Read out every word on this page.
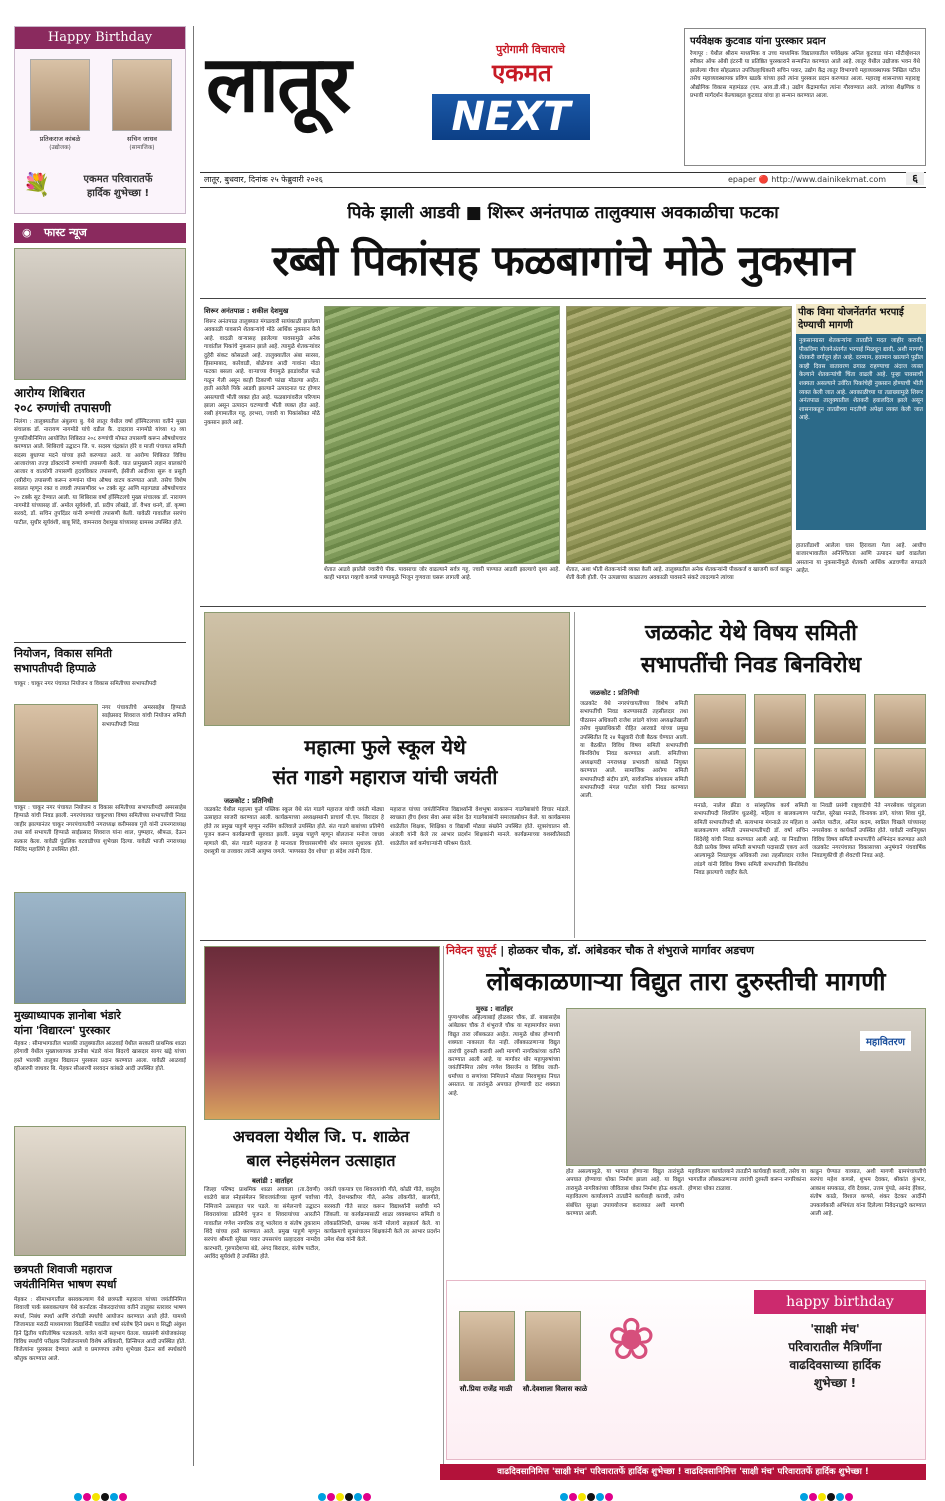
Happy Birthday
प्रतिकराज कांबळे
(उद्योजक)
सचिन जाधव
(सामाजिक)
💐	एकमत परिवारातर्फे
हार्दिक शुभेच्छा !
◉ फास्ट न्यूज
आरोग्य शिबिरात
२०८ रुग्णांची तपासणी
निलंगा : तालुक्यातील अंबुलगा बु. येथे लातूर येथील वर्षा हॉस्पिटलच्या वतीने मुख्य संचालक डॉ. नारायण नागमोडे यांचे वडील कै. दादाराव नागमोडे यांच्या १३ व्या पुण्यतिथीनिमित्त आयोजित शिबिरात २०८ रुग्णांची मोफत तपासणी करून औषधोपचार करण्यात आले. शिबिराचे उद्घाटन जि. प. सदस्य चंद्रकांत होरे व माजी पंचायत समिती सदस्य बुधाप्पा मदने यांच्या हस्ते करण्यात आले. या आरोग्य शिबिरात विविध आजारांच्या तज्ज्ञ डॉक्टरांनी रुग्णांची तपासणी केली. यात प्रामुख्याने लहान बालकांचे आजार व वातरोगी तपासणी हृदयविकार तपासणी, ईसीजी आदींच्या सुरू व प्रसूती (स्त्रीरोग) तपासणी करून रुग्णांना योग्य औषध वाटप करण्यात आले. तसेच विशेष सवलत म्हणून रक्त व लघवी तपासणीवर ५० टक्के सूट आणि महागड्या औषधोपचार २० टक्के सूट देण्यात आली. या शिबिरास वर्षा हॉस्पिटलचे मुख्य संचालक डॉ. नारायण नागमोडे यांच्यासह डॉ. अमोल सूर्यवंशी, डॉ. प्रदीप लोखंडे, डॉ. वैभव धनगे, डॉ. कृष्णा सरवदे, डॉ. सचिन तुपदिंडर यांनी रुग्णांची तपासणी केली. यावेळी गावातील सरपंच पाटील, सुधीर सूर्यवंशी, बाबू शिंदे, वामनराव देशमुख यांच्यासह ग्रामस्थ उपस्थित होते.
नियोजन, विकास समिती
सभापतीपदी हिप्पाळे
चाकूर : चाकूर नगर पंचायत नियोजन व विकास समितीच्या सभापतीपदी
नगर पंचायतीचे अमरसाहेब हिप्पाळे साईप्रसाद शिवराज यांची नियोजन समिती सभापतीपदी निवड
चाकूर : चाकूर नगर पंचायत नियोजन व विकास समितीच्या सभापतीपदी अमरसाहेब हिप्पाळे यांची निवड झाली. नगरपंचायत चाकूरच्या विषय समितीच्या सभापतींची निवड जाहीर झाल्यानंतर चाकूर नगरपंचायतीचे नगराध्यक्ष करीमसाब गुत्ते यांनी उपनगराध्यक्ष तथा सर्व सभापती हिप्पाळे साईप्रसाद शिवराज यांना शाल, पुष्पहार, श्रीफळ, देऊन सत्कार केला. यावेळी पुंडलिक वटवाडीच्या शुभेच्छा दिल्या. यावेळी भाजी नगराध्यक्ष मिलिंद महालिंगे हे उपस्थित होते.
मुख्याध्यापक ज्ञानोबा भंडारे
यांना 'विद्यारत्न' पुरस्कार
मेहकर : सीमाभागातील भालकी तालुक्यातील आळवाई येथील सरकारी प्राथमिक शाळा हरेगावी येथील मुख्याध्यापक ज्ञानोबा भंडारे यांना बिदरचे खासदार सागर खंड्रे यांच्या हस्ते भालकी तालुका विद्यारत्न पुरस्कार प्रदान करण्यात आला. यावेळी आळवाई व्हीआरपी जाधवर बि. मेहकर सीआरपी सरवदन कांबळे आदी उपस्थित होते.
छत्रपती शिवाजी महाराज
जयंतीनिमित्त भाषण स्पर्धा
मेहकर : सीमाभागातील बसवकल्याण येथे छत्रपती महाराज यांच्या जयंतीनिमित्त शिवाजी पार्क बसवकल्याण येथे कार्नाटक नोकरदारांच्या वतीने तालुका स्तरावर भाषण स्पर्धा, निबंध स्पर्धा आणि रांगोळी स्पर्धांचे आयोजन करण्यात आले होते. यामध्ये जिजामाता मराठी माध्यमाच्या विद्यार्थिनी पवळीत वर्षा संतोष हिने प्रथम व सिद्धी अंकुश हिने द्वितीय पारितोषिक पटकावले. यात्रेत यांनी सहभाग घेतला. याप्रसंगी संयोजकांसह विविध स्पर्धांचे परीक्षक नियोजनामध्ये विशेष अधिकारी, प्रिन्सिपल आदी उपस्थित होते. विजेत्यांना पुरस्कार देण्यात आले व प्रमाणपत्र तसेच शुभेच्छा देऊन सर्व स्पर्धकांचे कौतुक करण्यात आले.
लातूर	पुरोगामी विचाराचे
एकमत
NEXT
पर्यवेक्षक कुटवाड यांना पुरस्कार प्रदान
रेणापूर : येथील श्रीराम माध्यमिक व उच्च माध्यमिक विद्यालयातील पर्यवेक्षक अनिल कुटवाड यांना मोटीव्हेशनल स्पीकर ऑफ ओबी इंटरनी या प्रतिष्ठित पुरस्काराने सन्मानित करण्यात आले आहे. लातूर येथील उद्योजक भवन येथे झालेल्या गौरव सोहळ्यात उपजिल्हाधिकारी सचिन पवार, उद्योग केंद्र लातूर विभागाचे महाव्यवस्थापक निखिल पटील तसेच महाव्यवस्थापक प्रविण खडके यांच्या हस्ते त्यांना पुरस्कार प्रदान करण्यात आला. महाराष्ट्र शासनाच्या महाराष्ट्र औद्योगिक विकास महामंडळ (एम. आय.डी.सी.) उद्योग केंद्रामार्फत त्यांना गौरवण्यात आले. त्यांच्या शैक्षणिक व प्रभावी मार्गदर्शन केल्याबद्दल कुटवाड यांचा हा सन्मान करण्यात आला.
लातूर, बुधवार, दिनांक २५ फेब्रुवारी २०२६	epaper 🔴 http://www.dainikekmat.com	६
पिके झाली आडवी ■ शिरूर अनंतपाळ तालुक्यास अवकाळीचा फटका
रब्बी पिकांसह फळबागांचे मोठे नुकसान
शिरूर अनंतपाळ : शकील देशमुख
शिरूर अनंतपाळ तालुक्यात मंगळवारी सायंकाळी झालेल्या अवकाळी पावसाने शेतकऱ्यांचे मोठे आर्थिक नुकसान केले आहे. वादळी वाऱ्यासह झालेल्या पावसामुळे अनेक गावांतील पिकांचे नुकसान झाले आहे. त्यामुळे शेतकऱ्यांवर दुहेरी संकट कोसळले आहे. तालुक्यातील अंबा सारसा, हिसामाबाद, कारेवाडी, बोळेगाव आदी गावांना मोठा फटका बसला आहे. वाऱ्याच्या वेगामुळे झाडांवरील फळे गळून गेली असून काही ठिकाणी फांद्या मोडल्या आहेत. हाती आलेले पिके आडवी झाल्याने उत्पादनात घट होणार असल्याची भीती व्यक्त होत आहे. फळबागांवरील परिणाम झाला असून उत्पादन घटण्याची भीती व्यक्त होत आहे. रब्बी हंगामातील गहू, हरभरा, ज्वारी या पिकांसोबत मोठे नुकसान झाले आहे.
शेतात आडवे झालेले ज्वारीचे पीक. पावसाचा जोर वाढल्याने सर्वत्र गहू, ज्वारी पाण्यात आडवी झाल्याचे दृश्य आहे. काही भागात गव्हाचे कणसे पाण्यामुळे भिजून गुणवत्ता घसरू लागली आहे.
शेतात, अशा भीती शेतकऱ्यांनी व्यक्त केली आहे. तालुक्यातील अनेक शेतकऱ्यांनी पीककर्ज व खाजगी कर्ज काढून शेती केली होती. ऐन उत्पन्नाच्या काळातच अवकाळी पावसाने संकटे लादल्याने त्यांच्या
पीक विमा योजनेंतर्गत भरपाई देण्याची मागणी
नुकसानग्रस्त शेतकऱ्यांना तातडीने मदत जाहीर करावी, पीकविमा योजनेअंतर्गत भरपाई मिळवून द्यावी, अशी मागणी शेतकरी वर्गातून होत आहे. दरम्यान, हवामान खात्याने पुढील काही दिवस वातावरण ढगाळ राहण्याचा अंदाज व्यक्त केल्याने शेतकऱ्यांची चिंता वाढली आहे. पुन्हा पावसाची शक्यता असल्याने उर्वरित पिकांचेही नुकसान होण्याची भीती व्यक्त केली जात आहे. अवकाळीच्या या तडाख्यामुळे शिरूर अनंतपाळ तालुक्यातील शेतकरी हवालदिल झाले असून शासनाकडून तातडीच्या मदतीची अपेक्षा व्यक्त केली जात आहे.
हातातोंडाशी आलेला घास हिरावला गेला आहे. आधीच बाजारभावातील अनिश्चितता आणि उत्पादन खर्च वाढलेला असताना या नुकसानीमुळे शेतकरी आर्थिक अडचणीत सापडले आहेत.
महात्मा फुले स्कूल येथे
संत गाडगे महाराज यांची जयंती
जळकोट : प्रतिनिधी
जळकोट येथील महात्मा फुले पब्लिक स्कूल येथे संत गाडगे महाराज यांची जयंती मोठ्या उत्साहात साजरी करण्यात आली. कार्यक्रमाच्या अध्यक्षस्थानी प्राचार्य पी.एम. बिरादार हे होते तर प्रमुख पाहुणे म्हणून नरसिंग कलिवाले उपस्थित होते. संत गाडगे बाबांच्या प्रतिमेचे पूजन करून कार्यक्रमाची सुरुवात झाली. प्रमुख पाहुणे म्हणून बोलताना मनोज जाधव म्हणाले की, संत गाडगे महाराज हे मानवता विचारसरणीचे थोर समाज सुधारक होते. दशसूत्री या तत्त्वावर त्यांनी आयुष्य जगले. 'माणसात देव शोधा' हा संदेश त्यांनी दिला.
महाराज यांच्या जयंतीनिमित्त विद्यार्थ्यांनी वेशभूषा साकारून गाडगेबाबांचे विचार मांडले. स्वच्छता हीच ईश्वर सेवा असा संदेश देत गाडगेबाबांनी समाजप्रबोधन केले. या कार्यक्रमास शाळेतील शिक्षक, शिक्षिका व विद्यार्थी मोठ्या संख्येने उपस्थित होते. सूत्रसंचालन सौ. अंजली यांनी केले तर आभार प्रदर्शन शिक्षकांनी मानले. कार्यक्रमाच्या यशस्वीतेसाठी शाळेतील सर्व कर्मचाऱ्यांनी परिश्रम घेतले.
जळकोट येथे विषय समिती
सभापतींची निवड बिनविरोध
जळकोट : प्रतिनिधी
जळकोट येथे नगरपंचायतीच्या विशेष समिती सभापतींची निवड करण्यासाठी तहसीलदार तथा पीठासन अधिकारी राजेश लांडगे यांच्या अध्यक्षतेखाली तसेच मुख्याधिकारी रोहित आरवाडे यांच्या प्रमुख उपस्थितीत दि २४ फेब्रुवारी रोजी बैठक घेण्यात आली. या बैठकीत विविध विषय समिती सभापतींची बिनविरोध निवड करण्यात आली. समितीच्या अध्यक्षपदी नगराध्यक्ष प्रभावती कांबळे नियुक्त करण्यात आले. सामाजिक आरोग्य समिती सभापतीपदी संदीप डांगे, सार्वजनिक बांधकाम समिती सभापतीपदी मंगल पाटील यांची निवड करण्यात आली.
मनाळे, नालेल क्रीडा व सांस्कृतिक कार्य समिती सभापतीपदी शिवलिंग धुळशेट्टे, महिला व बालकल्याण समिती सभापतीपदी सौ. सत्यभामा मंगनाळे तर महिला व बालकल्याण समिती उपसभापतीपदी डॉ. वर्षा सचिन शिंदेशेट्टे यांची निवड करण्यात आली आहे. या निवडीच्या वेळी प्रत्येक विषय समिती सभापती पदासाठी एकच अर्ज आल्यामुळे निवडणूक अधिकारी तथा तहसीलदार राजेश लांडगे यांनी विविध विषय समिती सभापतींची बिनविरोध निवड झाल्याचे जाहीर केले.
या निवडी प्रसंगी राष्ट्रवादीचे नेते नगरसेवक चांदूलाला पाटील, सुरेखा मनाळे, विनायक डांगे, यांच्या शिवा मुंडे, अमोल पाटील, अनिल कदम, स्वप्निल चिखले यांच्यासह नगरसेवक व कार्यकर्ते उपस्थित होते. यावेळी नवनियुक्त विविध विषय समिती सभापतींचे अभिनंदन करण्यात आले जळकोट नगरपंचायत विकासाच्या अनुषंगाने पंचवार्षिक निवडणुकीची ही शेवटची निवड आहे.
अचवला येथील जि. प. शाळेत
बाल स्नेहसंमेलन उत्साहात
बलांडी : वार्ताहर
जिल्हा परिषद प्राथमिक शाळा अचवला (ता.देवणी) शाळेचे बाल स्नेहसंमेलन शिवजयंतीच्या सुवर्ण पर्वाच्या निमित्ताने उत्साहात पार पडले. या संमेलनाचे उद्घाटन शिवरायांच्या प्रतिमेचे पूजन व शिवरायांच्या आरतीने गावातील गणेश नागरिक राजू भालेराव व संतोष तुकाराम शिंदे यांच्या हस्ते करण्यात आले. प्रमुख पाहुणे म्हणून सरपंच श्रीमती सुरेखा पवार उपसरपंच प्रल्हादराव नामदेव कारभारी, गुरुपादेशप्पा बंडे, अंगद बिरादार, संतोष पाटील, अरविंद सूर्यवंशी हे उपस्थित होते.
जयंती एकपात्र एव शिवरायांची गीते, कोळी गीते, वासुदेव गीते, देशभक्तीपर गीते, अनेक लोकगीते, बालगीते, सरस्वती गीते सादर करून विद्यार्थ्यांनी सर्वांची मने जिंकली. या कार्यक्रमासाठी शाळा व्यवस्थापन समिती व लोकप्रतिनिधी, ग्रामस्थ यांनी मोलाचे सहकार्य केले. या कार्यक्रमाचे सूत्रसंचालन शिक्षकांनी केले तर आभार प्रदर्शन उमेश शेख यांनी केले.
निवेदन सुपूर्द | होळकर चौक, डॉ. आंबेडकर चौक ते शंभुराजे मार्गावर अडचण
लोंबकाळणाऱ्या विद्युत तारा दुरुस्तीची मागणी
मुरुड : वार्ताहर
पुण्यश्लोक अहिल्याबाई होळकर चौक, डॉ. बाबासाहेब आंबेडकर चौक ते शंभुराजे चौक या महामार्गावर सध्या विद्युत तारा लोंबकळत आहेत. त्यामुळे धोका होण्याची शक्यता नाकारता येत नाही. लोंबकाळणाऱ्या विद्युत तारांची दुरुस्ती करावी अशी मागणी नागरिकांच्या वतीने करण्यात आली आहे. या मार्गावर थोर महापुरुषांच्या जयंतीनिमित्त तसेच गणेश विसर्जन व विविध जाती-धर्मांच्या व सणांच्या निमित्ताने मोठ्या मिरवणुका निघत असतात. या तारांमुळे अपघात होण्याची दाट शक्यता आहे.
महावितरण
होत असल्यामुळे, या भागात होणाऱ्या विद्युत तारांमुळे अपघात होण्याचा धोका निर्माण झाला आहे. या विद्युत तारामुळे नागरिकांच्या जीवितास धोका निर्माण होऊ शकतो. महावितरण कार्यालयाने तातडीने कार्यवाही करावी, तसेच संबंधित सुरक्षा उपाययोजना कराव्यात अशी मागणी करण्यात आली.
महावितरण कार्यालयाने तातडीने कार्यवाही करावी, तसेच या भागातील लोंबकळणाऱ्या तारांची दुरुस्ती करून नागरिकांना होणारा धोका टाळावा.
काढून घेण्यात याव्यात, अशी मागणी ग्रामपंचायतीचे सरपंच महेश कणसे, शुभम देवकर, श्रीकांत कुंभार, आकाश सपकाळ, रवि देवकर, उत्तम पुंपडे, आनंद हेरेकर, संतोष काळे, विशाल कणसे, शंकर देटकर आदींनी उपकार्यकारी अभियंता यांना दिलेल्या निवेदनाद्वारे करण्यात आली आहे.
सौ.प्रिया राजेंद्र माळी	सौ.देवशाला विलास काळे
❀
happy birthday
'साक्षी मंच'
परिवारातील मैत्रिणींना
वाढदिवसाच्या हार्दिक
शुभेच्छा !
वाढदिवसानिमित्त 'साक्षी मंच' परिवारातर्फे हार्दिक शुभेच्छा ! वाढदिवसानिमित्त 'साक्षी मंच' परिवारातर्फे हार्दिक शुभेच्छा !
